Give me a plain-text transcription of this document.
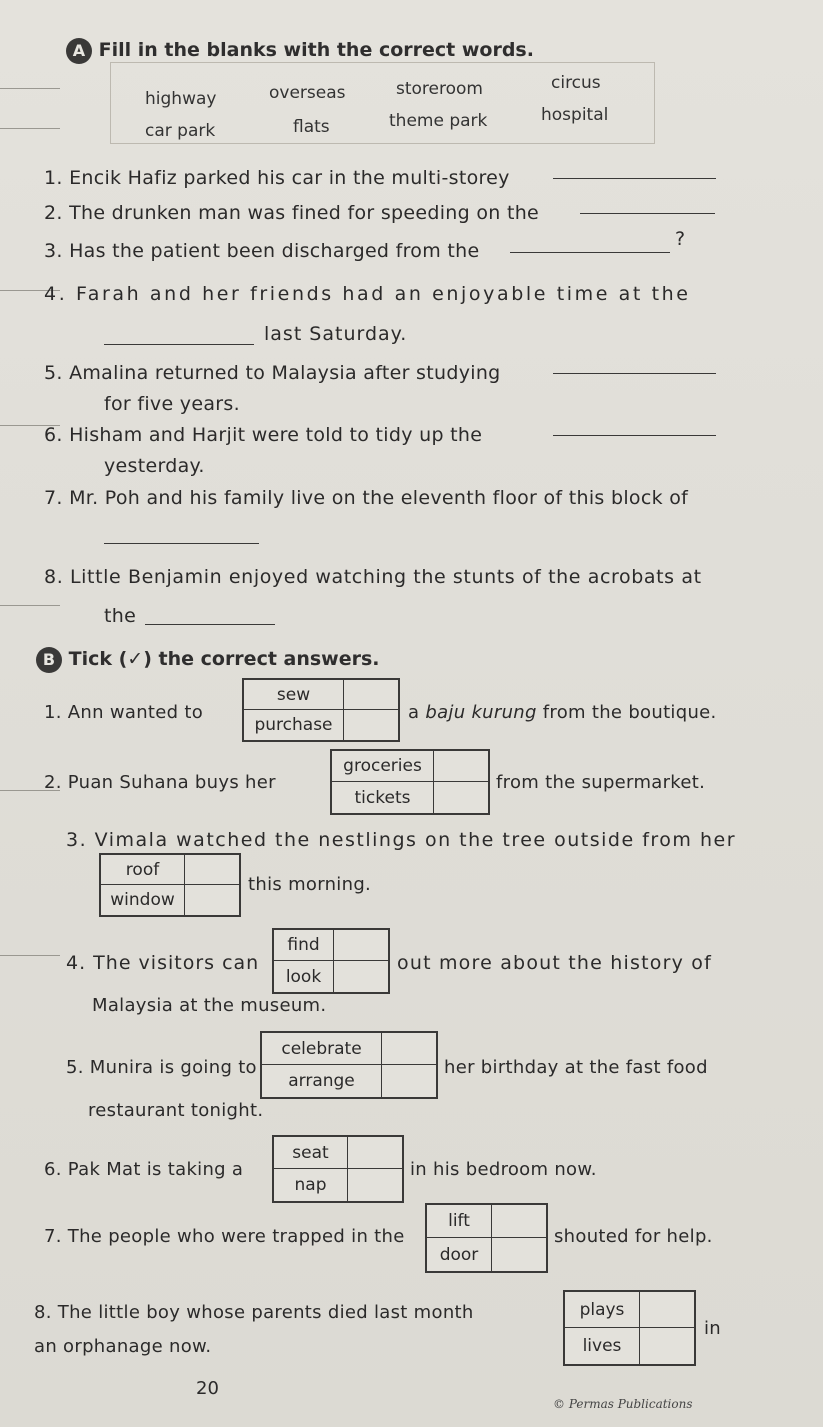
A Fill in the blanks with the correct words.
highway	overseas	storeroom	circus
car park	flats	theme park	hospital
1. Encik Hafiz parked his car in the multi-storey
2. The drunken man was fined for speeding on the
3. Has the patient been discharged from the
?
4. Farah and her friends had an enjoyable time at the
last Saturday.
5. Amalina returned to Malaysia after studying
for five years.
6. Hisham and Harjit were told to tidy up the
yesterday.
7. Mr. Poh and his family live on the eleventh floor of this block of
8. Little Benjamin enjoyed watching the stunts of the acrobats at
the
B Tick (✓) the correct answers.
1. Ann wanted to
sew
purchase
a baju kurung from the boutique.
2. Puan Suhana buys her
groceries
tickets
from the supermarket.
3. Vimala watched the nestlings on the tree outside from her
roof
window
this morning.
4. The visitors can
find
look
out more about the history of
Malaysia at the museum.
5. Munira is going to
celebrate
arrange
her birthday at the fast food
restaurant tonight.
6. Pak Mat is taking a
seat
nap
in his bedroom now.
7. The people who were trapped in the
lift
door
shouted for help.
8. The little boy whose parents died last month	plays
lives
in
an orphanage now.
20
© Permas Publications
